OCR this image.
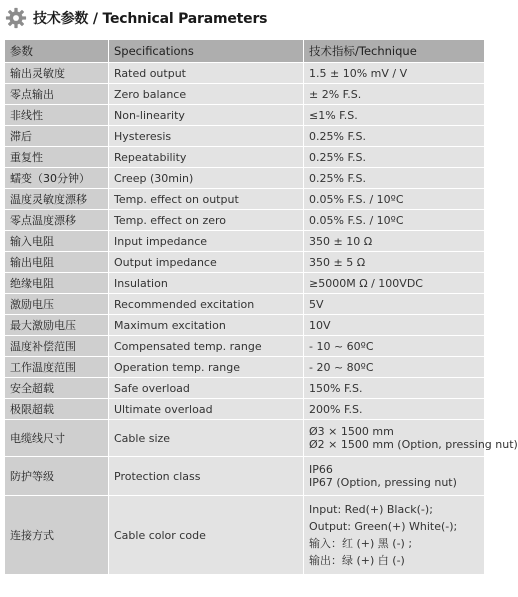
技术参数 / Technical Parameters
参数	Specifications	技术指标/Technique
输出灵敏度	Rated output	1.5 ± 10% mV / V
零点输出	Zero balance	± 2% F.S.
非线性	Non-linearity	≤1% F.S.
滞后	Hysteresis	0.25% F.S.
重复性	Repeatability	0.25% F.S.
蠕变（30分钟）	Creep (30min)	0.25% F.S.
温度灵敏度漂移	Temp. effect on output	0.05% F.S. / 10ºC
零点温度漂移	Temp. effect on zero	0.05% F.S. / 10ºC
输入电阻	Input impedance	350 ± 10 Ω
输出电阻	Output impedance	350 ± 5 Ω
绝缘电阻	Insulation	≥5000M Ω / 100VDC
激励电压	Recommended excitation	5V
最大激励电压	Maximum excitation	10V
温度补偿范围	Compensated temp. range	- 10 ~ 60ºC
工作温度范围	Operation temp. range	- 20 ~ 80ºC
安全超载	Safe overload	150% F.S.
极限超载	Ultimate overload	200% F.S.
电缆线尺寸	Cable size	Ø3 × 1500 mm
Ø2 × 1500 mm (Option, pressing nut)

防护等级	Protection class	IP66
IP67 (Option, pressing nut)

连接方式	Cable color code	Input: Red(+) Black(-);
Output: Green(+) White(-);
输入：红 (+) 黑 (-) ;
输出：绿 (+) 白 (-)
